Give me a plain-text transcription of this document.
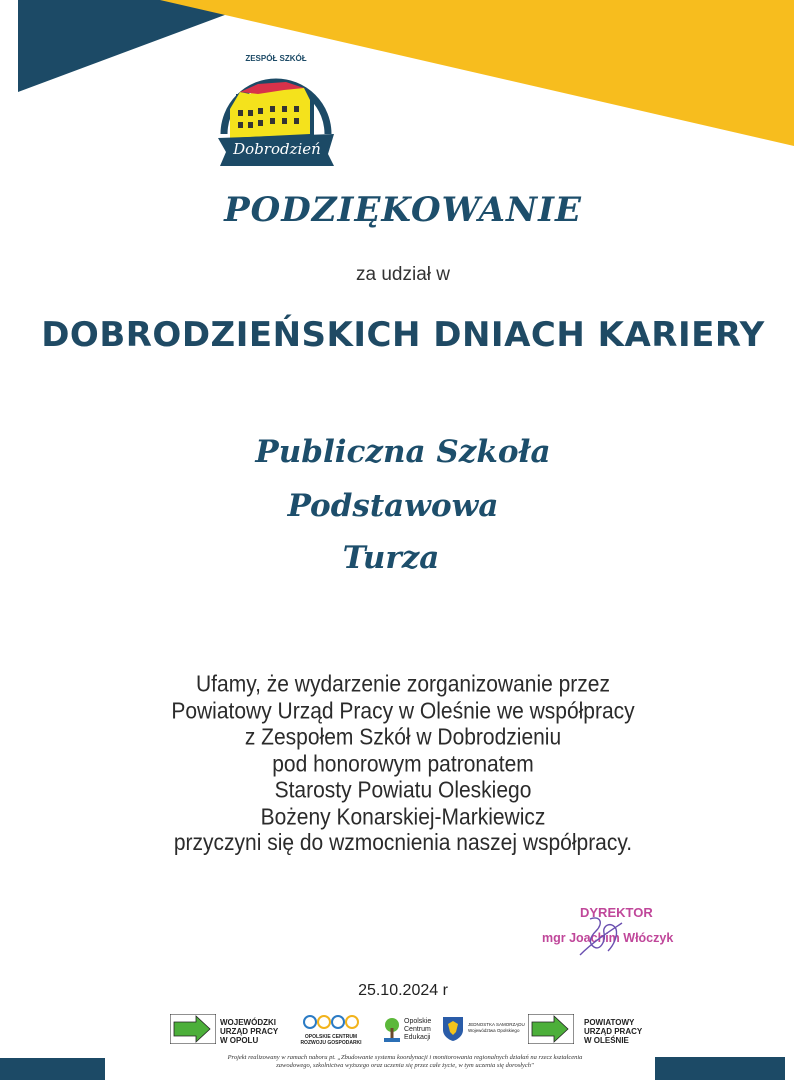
ZESPÓŁ SZKÓŁ
Dobrodzień
PODZIĘKOWANIE
za udział w
DOBRODZIEŃSKICH DNIACH KARIERY
Publiczna Szkoła
Podstawowa
Turza
Ufamy, że wydarzenie zorganizowanie przez
Powiatowy Urząd Pracy w Oleśnie we współpracy
z Zespołem Szkół w Dobrodzieniu
pod honorowym patronatem
Starosty Powiatu Oleskiego
Bożeny Konarskiej-Markiewicz
przyczyni się do wzmocnienia naszej współpracy.
DYREKTOR
mgr Joachim Włóczyk
25.10.2024 r
WOJEWÓDZKI
URZĄD PRACY
W OPOLU	OPOLSKIE CENTRUM
ROZWOJU GOSPODARKI
Opolskie
Centrum
Edukacji
JEDNOSTKA SAMORZĄDU
Województwa Opolskiego
POWIATOWY
URZĄD PRACY
W OLEŚNIE
Projekt realizowany w ramach naboru pt. „Zbudowanie systemu koordynacji i monitorowania regionalnych działań na rzecz kształcenia
zawodowego, szkolnictwa wyższego oraz uczenia się przez całe życie, w tym uczenia się dorosłych"
